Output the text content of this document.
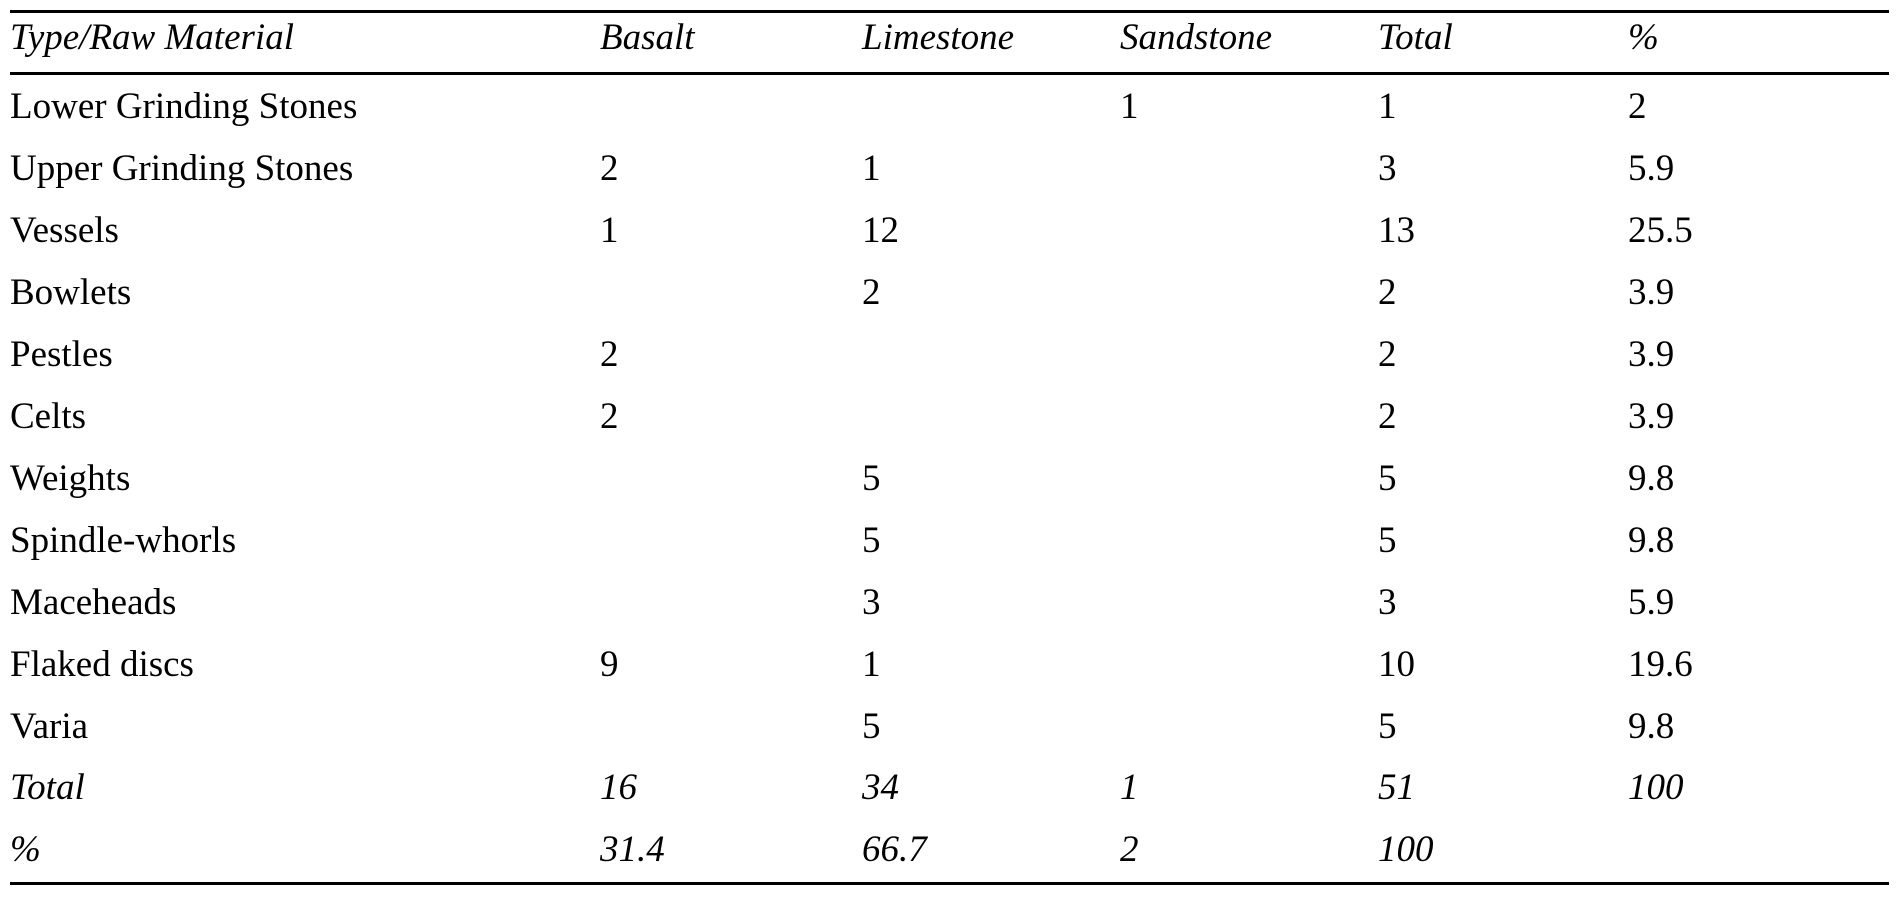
Type/Raw Material	Basalt	Limestone	Sandstone	Total	%
Lower Grinding Stones			1	1	2
Upper Grinding Stones	2	1		3	5.9
Vessels	1	12		13	25.5
Bowlets		2		2	3.9
Pestles	2			2	3.9
Celts	2			2	3.9
Weights		5		5	9.8
Spindle-whorls		5		5	9.8
Maceheads		3		3	5.9
Flaked discs	9	1		10	19.6
Varia		5		5	9.8
Total	16	34	1	51	100
%	31.4	66.7	2	100	
